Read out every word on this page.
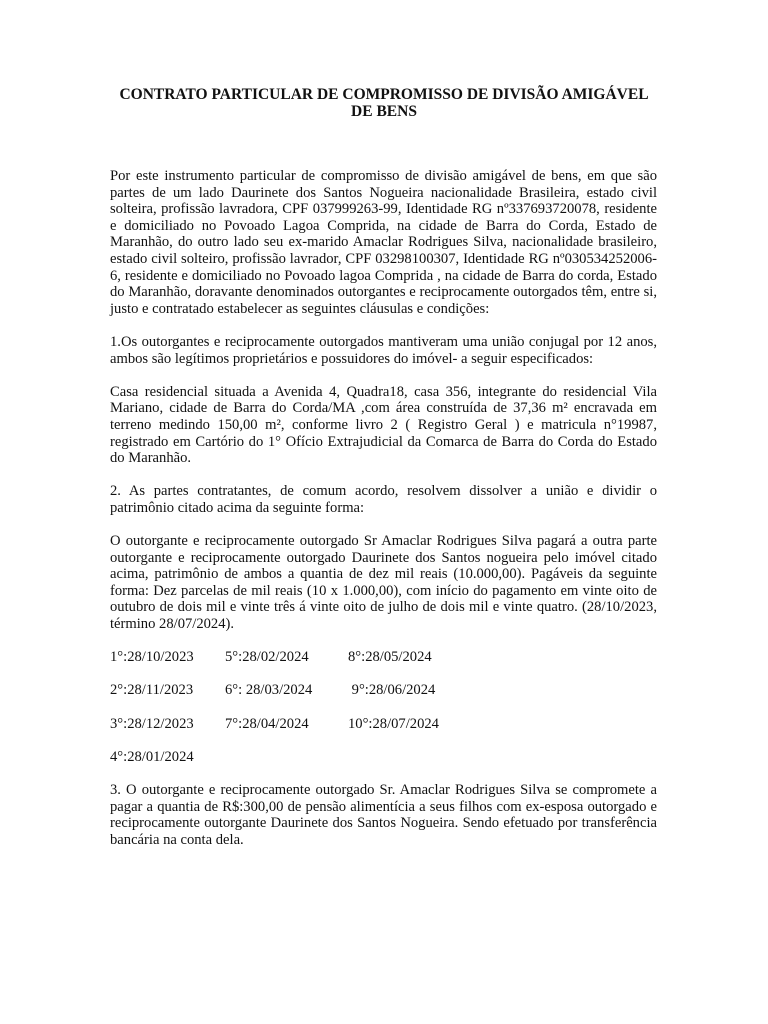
CONTRATO PARTICULAR DE COMPROMISSO DE DIVISÃO AMIGÁVEL
DE BENS

Por este instrumento particular de compromisso de divisão amigável de bens, em que são partes de um lado Daurinete dos Santos Nogueira nacionalidade Brasileira, estado civil solteira, profissão lavradora, CPF 037999263-99, Identidade RG nº337693720078, residente e domiciliado no Povoado Lagoa Comprida, na cidade de Barra do Corda, Estado de Maranhão, do outro lado seu ex-marido Amaclar Rodrigues Silva, nacionalidade brasileiro, estado civil solteiro, profissão lavrador, CPF 03298100307, Identidade RG nº030534252006-6, residente e domiciliado no Povoado lagoa Comprida , na cidade de Barra do corda, Estado do Maranhão, doravante denominados outorgantes e reciprocamente outorgados têm, entre si, justo e contratado estabelecer as seguintes cláusulas e condições:

1.Os outorgantes e reciprocamente outorgados mantiveram uma união conjugal por 12 anos, ambos são legítimos proprietários e possuidores do imóvel- a seguir especificados:

Casa residencial situada a Avenida 4, Quadra18, casa 356, integrante do residencial Vila Mariano, cidade de Barra do Corda/MA ,com área construída de 37,36 m² encravada em terreno medindo 150,00 m², conforme livro 2 ( Registro Geral ) e matricula n°19987, registrado em Cartório do 1° Ofício Extrajudicial da Comarca de Barra do Corda do Estado do Maranhão.

2. As partes contratantes, de comum acordo, resolvem dissolver a união e dividir o patrimônio citado acima da seguinte forma:

O outorgante e reciprocamente outorgado Sr Amaclar Rodrigues Silva pagará a outra parte outorgante e reciprocamente outorgado Daurinete dos Santos nogueira pelo imóvel citado acima, patrimônio de ambos a quantia de dez mil reais (10.000,00). Pagáveis da seguinte forma: Dez parcelas de mil reais (10 x 1.000,00), com início do pagamento em vinte oito de outubro de dois mil e vinte três á vinte oito de julho de dois mil e vinte quatro. (28/10/2023, término 28/07/2024).

1°:28/10/2023

5°:28/02/2024

	8°:28/05/2024

2°:28/11/2023

6°: 28/03/2024

9°:28/06/2024

3°:28/12/2023

7°:28/04/2024

	10°:28/07/2024

4°:28/01/2024

3. O outorgante e reciprocamente outorgado Sr. Amaclar Rodrigues Silva se compromete a pagar a quantia de R$:300,00 de pensão alimentícia a seus filhos com ex-esposa outorgado e reciprocamente outorgante Daurinete dos Santos Nogueira. Sendo efetuado por transferência bancária na conta dela.
